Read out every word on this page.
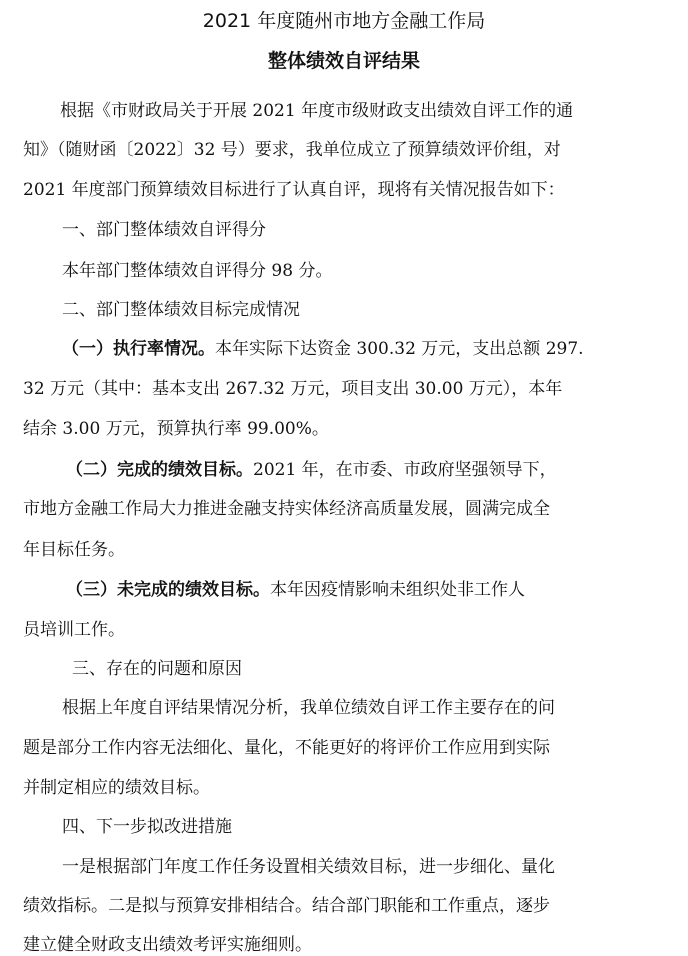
2021 年度随州市地方金融工作局
整体绩效自评结果
根据《市财政局关于开展 2021 年度市级财政支出绩效自评工作的通
知》（随财函〔2022〕32 号）要求，我单位成立了预算绩效评价组，对
2021 年度部门预算绩效目标进行了认真自评，现将有关情况报告如下：
一、部门整体绩效自评得分
本年部门整体绩效自评得分 98 分。
二、部门整体绩效目标完成情况
（一）执行率情况。本年实际下达资金 300.32 万元，支出总额 297.
32 万元（其中：基本支出 267.32 万元，项目支出 30.00 万元），本年
结余 3.00 万元，预算执行率 99.00%。
（二）完成的绩效目标。2021 年，在市委、市政府坚强领导下，
市地方金融工作局大力推进金融支持实体经济高质量发展，圆满完成全
年目标任务。
（三）未完成的绩效目标。本年因疫情影响未组织处非工作人
员培训工作。
三、存在的问题和原因
根据上年度自评结果情况分析，我单位绩效自评工作主要存在的问
题是部分工作内容无法细化、量化，不能更好的将评价工作应用到实际
并制定相应的绩效目标。
四、下一步拟改进措施
一是根据部门年度工作任务设置相关绩效目标，进一步细化、量化
绩效指标。二是拟与预算安排相结合。结合部门职能和工作重点，逐步
建立健全财政支出绩效考评实施细则。
